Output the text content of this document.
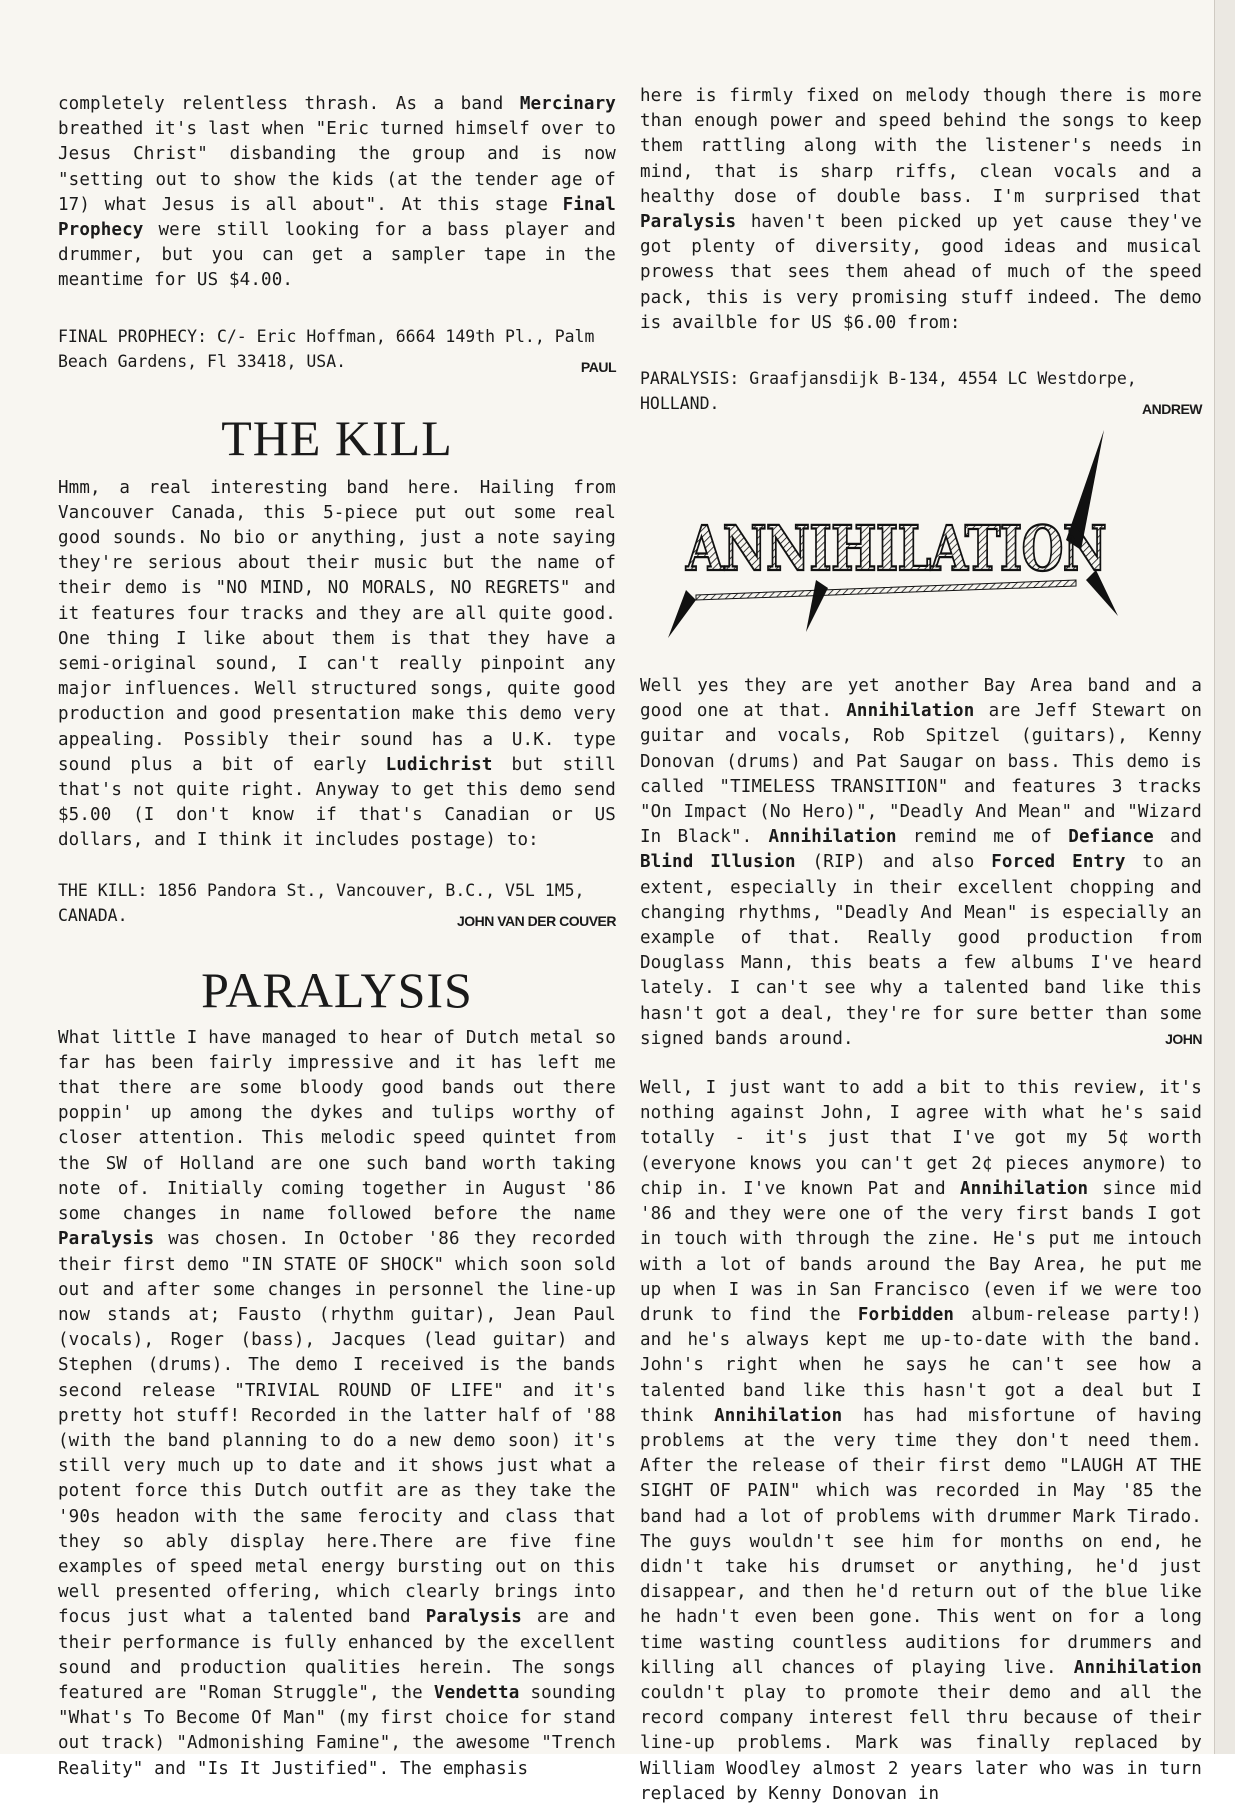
completely relentless thrash. As a band Mercinary breathed it's last when "Eric turned himself over to Jesus Christ" disbanding the group and is now "setting out to show the kids (at the tender age of 17) what Jesus is all about". At this stage Final Prophecy were still looking for a bass player and drummer, but you can get a sampler tape in the meantime for US $4.00.

FINAL PROPHECY: C/- Eric Hoffman, 6664 149th Pl., Palm Beach Gardens, Fl 33418, USA.	PAUL

THE KILL

Hmm, a real interesting band here. Hailing from Vancouver Canada, this 5-piece put out some real good sounds. No bio or anything, just a note saying they're serious about their music but the name of their demo is "NO MIND, NO MORALS, NO REGRETS" and it features four tracks and they are all quite good. One thing I like about them is that they have a semi-original sound, I can't really pinpoint any major influences. Well structured songs, quite good production and good presentation make this demo very appealing. Possibly their sound has a U.K. type sound plus a bit of early Ludichrist but still that's not quite right. Anyway to get this demo send $5.00 (I don't know if that's Canadian or US dollars, and I think it includes postage) to:

THE KILL: 1856 Pandora St., Vancouver, B.C., V5L 1M5, CANADA.	JOHN VAN DER COUVER

PARALYSIS

What little I have managed to hear of Dutch metal so far has been fairly impressive and it has left me that there are some bloody good bands out there poppin' up among the dykes and tulips worthy of closer attention. This melodic speed quintet from the SW of Holland are one such band worth taking note of. Initially coming together in August '86 some changes in name followed before the name Paralysis was chosen. In October '86 they recorded their first demo "IN STATE OF SHOCK" which soon sold out and after some changes in personnel the line-up now stands at; Fausto (rhythm guitar), Jean Paul (vocals), Roger (bass), Jacques (lead guitar) and Stephen (drums). The demo I received is the bands second release "TRIVIAL ROUND OF LIFE" and it's pretty hot stuff! Recorded in the latter half of '88 (with the band planning to do a new demo soon) it's still very much up to date and it shows just what a potent force this Dutch outfit are as they take the '90s headon with the same ferocity and class that they so ably display here.There are five fine examples of speed metal energy bursting out on this well presented offering, which clearly brings into focus just what a talented band Paralysis are and their performance is fully enhanced by the excellent sound and production qualities herein. The songs featured are "Roman Struggle", the Vendetta sounding "What's To Become Of Man" (my first choice for stand out track) "Admonishing Famine", the awesome "Trench Reality" and "Is It Justified". The emphasis

here is firmly fixed on melody though there is more than enough power and speed behind the songs to keep them rattling along with the listener's needs in mind, that is sharp riffs, clean vocals and a healthy dose of double bass. I'm surprised that Paralysis haven't been picked up yet cause they've got plenty of diversity, good ideas and musical prowess that sees them ahead of much of the speed pack, this is very promising stuff indeed. The demo is availble for US $6.00 from:

PARALYSIS: Graafjansdijk B-134, 4554 LC Westdorpe, HOLLAND.	ANDREW

ANNIHILATION

Well yes they are yet another Bay Area band and a good one at that. Annihilation are Jeff Stewart on guitar and vocals, Rob Spitzel (guitars), Kenny Donovan (drums) and Pat Saugar on bass. This demo is called "TIMELESS TRANSITION" and features 3 tracks "On Impact (No Hero)", "Deadly And Mean" and "Wizard In Black". Annihilation remind me of Defiance and Blind Illusion (RIP) and also Forced Entry to an extent, especially in their excellent chopping and changing rhythms, "Deadly And Mean" is especially an example of that. Really good production from Douglass Mann, this beats a few albums I've heard lately. I can't see why a talented band like this hasn't got a deal, they're for sure better than some signed bands around.	JOHN

Well, I just want to add a bit to this review, it's nothing against John, I agree with what he's said totally - it's just that I've got my 5¢ worth (everyone knows you can't get 2¢ pieces anymore) to chip in. I've known Pat and Annihilation since mid '86 and they were one of the very first bands I got in touch with through the zine. He's put me intouch with a lot of bands around the Bay Area, he put me up when I was in San Francisco (even if we were too drunk to find the Forbidden album-release party!) and he's always kept me up-to-date with the band. John's right when he says he can't see how a talented band like this hasn't got a deal but I think Annihilation has had misfortune of having problems at the very time they don't need them. After the release of their first demo "LAUGH AT THE SIGHT OF PAIN" which was recorded in May '85 the band had a lot of problems with drummer Mark Tirado. The guys wouldn't see him for months on end, he didn't take his drumset or anything, he'd just disappear, and then he'd return out of the blue like he hadn't even been gone. This went on for a long time wasting countless auditions for drummers and killing all chances of playing live. Annihilation couldn't play to promote their demo and all the record company interest fell thru because of their line-up problems. Mark was finally replaced by William Woodley almost 2 years later who was in turn replaced by Kenny Donovan in
